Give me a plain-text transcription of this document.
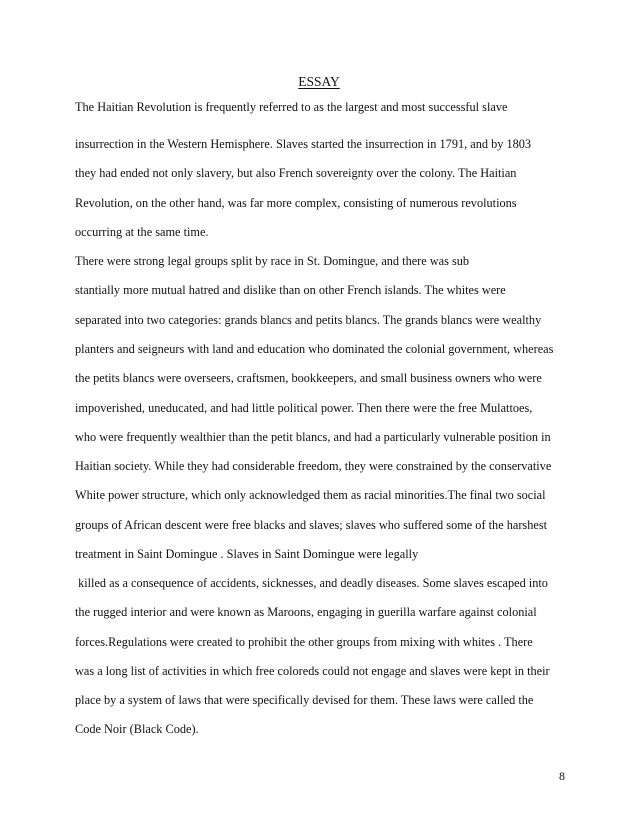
ESSAY
The Haitian Revolution is frequently referred to as the largest and most successful slave
insurrection in the Western Hemisphere. Slaves started the insurrection in 1791, and by 1803
they had ended not only slavery, but also French sovereignty over the colony. The Haitian
Revolution, on the other hand, was far more complex, consisting of numerous revolutions
occurring at the same time.
There were strong legal groups split by race in St. Domingue, and there was sub
stantially more mutual hatred and dislike than on other French islands. The whites were
separated into two categories: grands blancs and petits blancs. The grands blancs were wealthy
planters and seigneurs with land and education who dominated the colonial government, whereas
the petits blancs were overseers, craftsmen, bookkeepers, and small business owners who were
impoverished, uneducated, and had little political power. Then there were the free Mulattoes,
who were frequently wealthier than the petit blancs, and had a particularly vulnerable position in
Haitian society. While they had considerable freedom, they were constrained by the conservative
White power structure, which only acknowledged them as racial minorities.The final two social
groups of African descent were free blacks and slaves; slaves who suffered some of the harshest
treatment in Saint Domingue . Slaves in Saint Domingue were legally
killed as a consequence of accidents, sicknesses, and deadly diseases. Some slaves escaped into
the rugged interior and were known as Maroons, engaging in guerilla warfare against colonial
forces.Regulations were created to prohibit the other groups from mixing with whites . There
was a long list of activities in which free coloreds could not engage and slaves were kept in their
place by a system of laws that were specifically devised for them. These laws were called the
Code Noir (Black Code).
8
